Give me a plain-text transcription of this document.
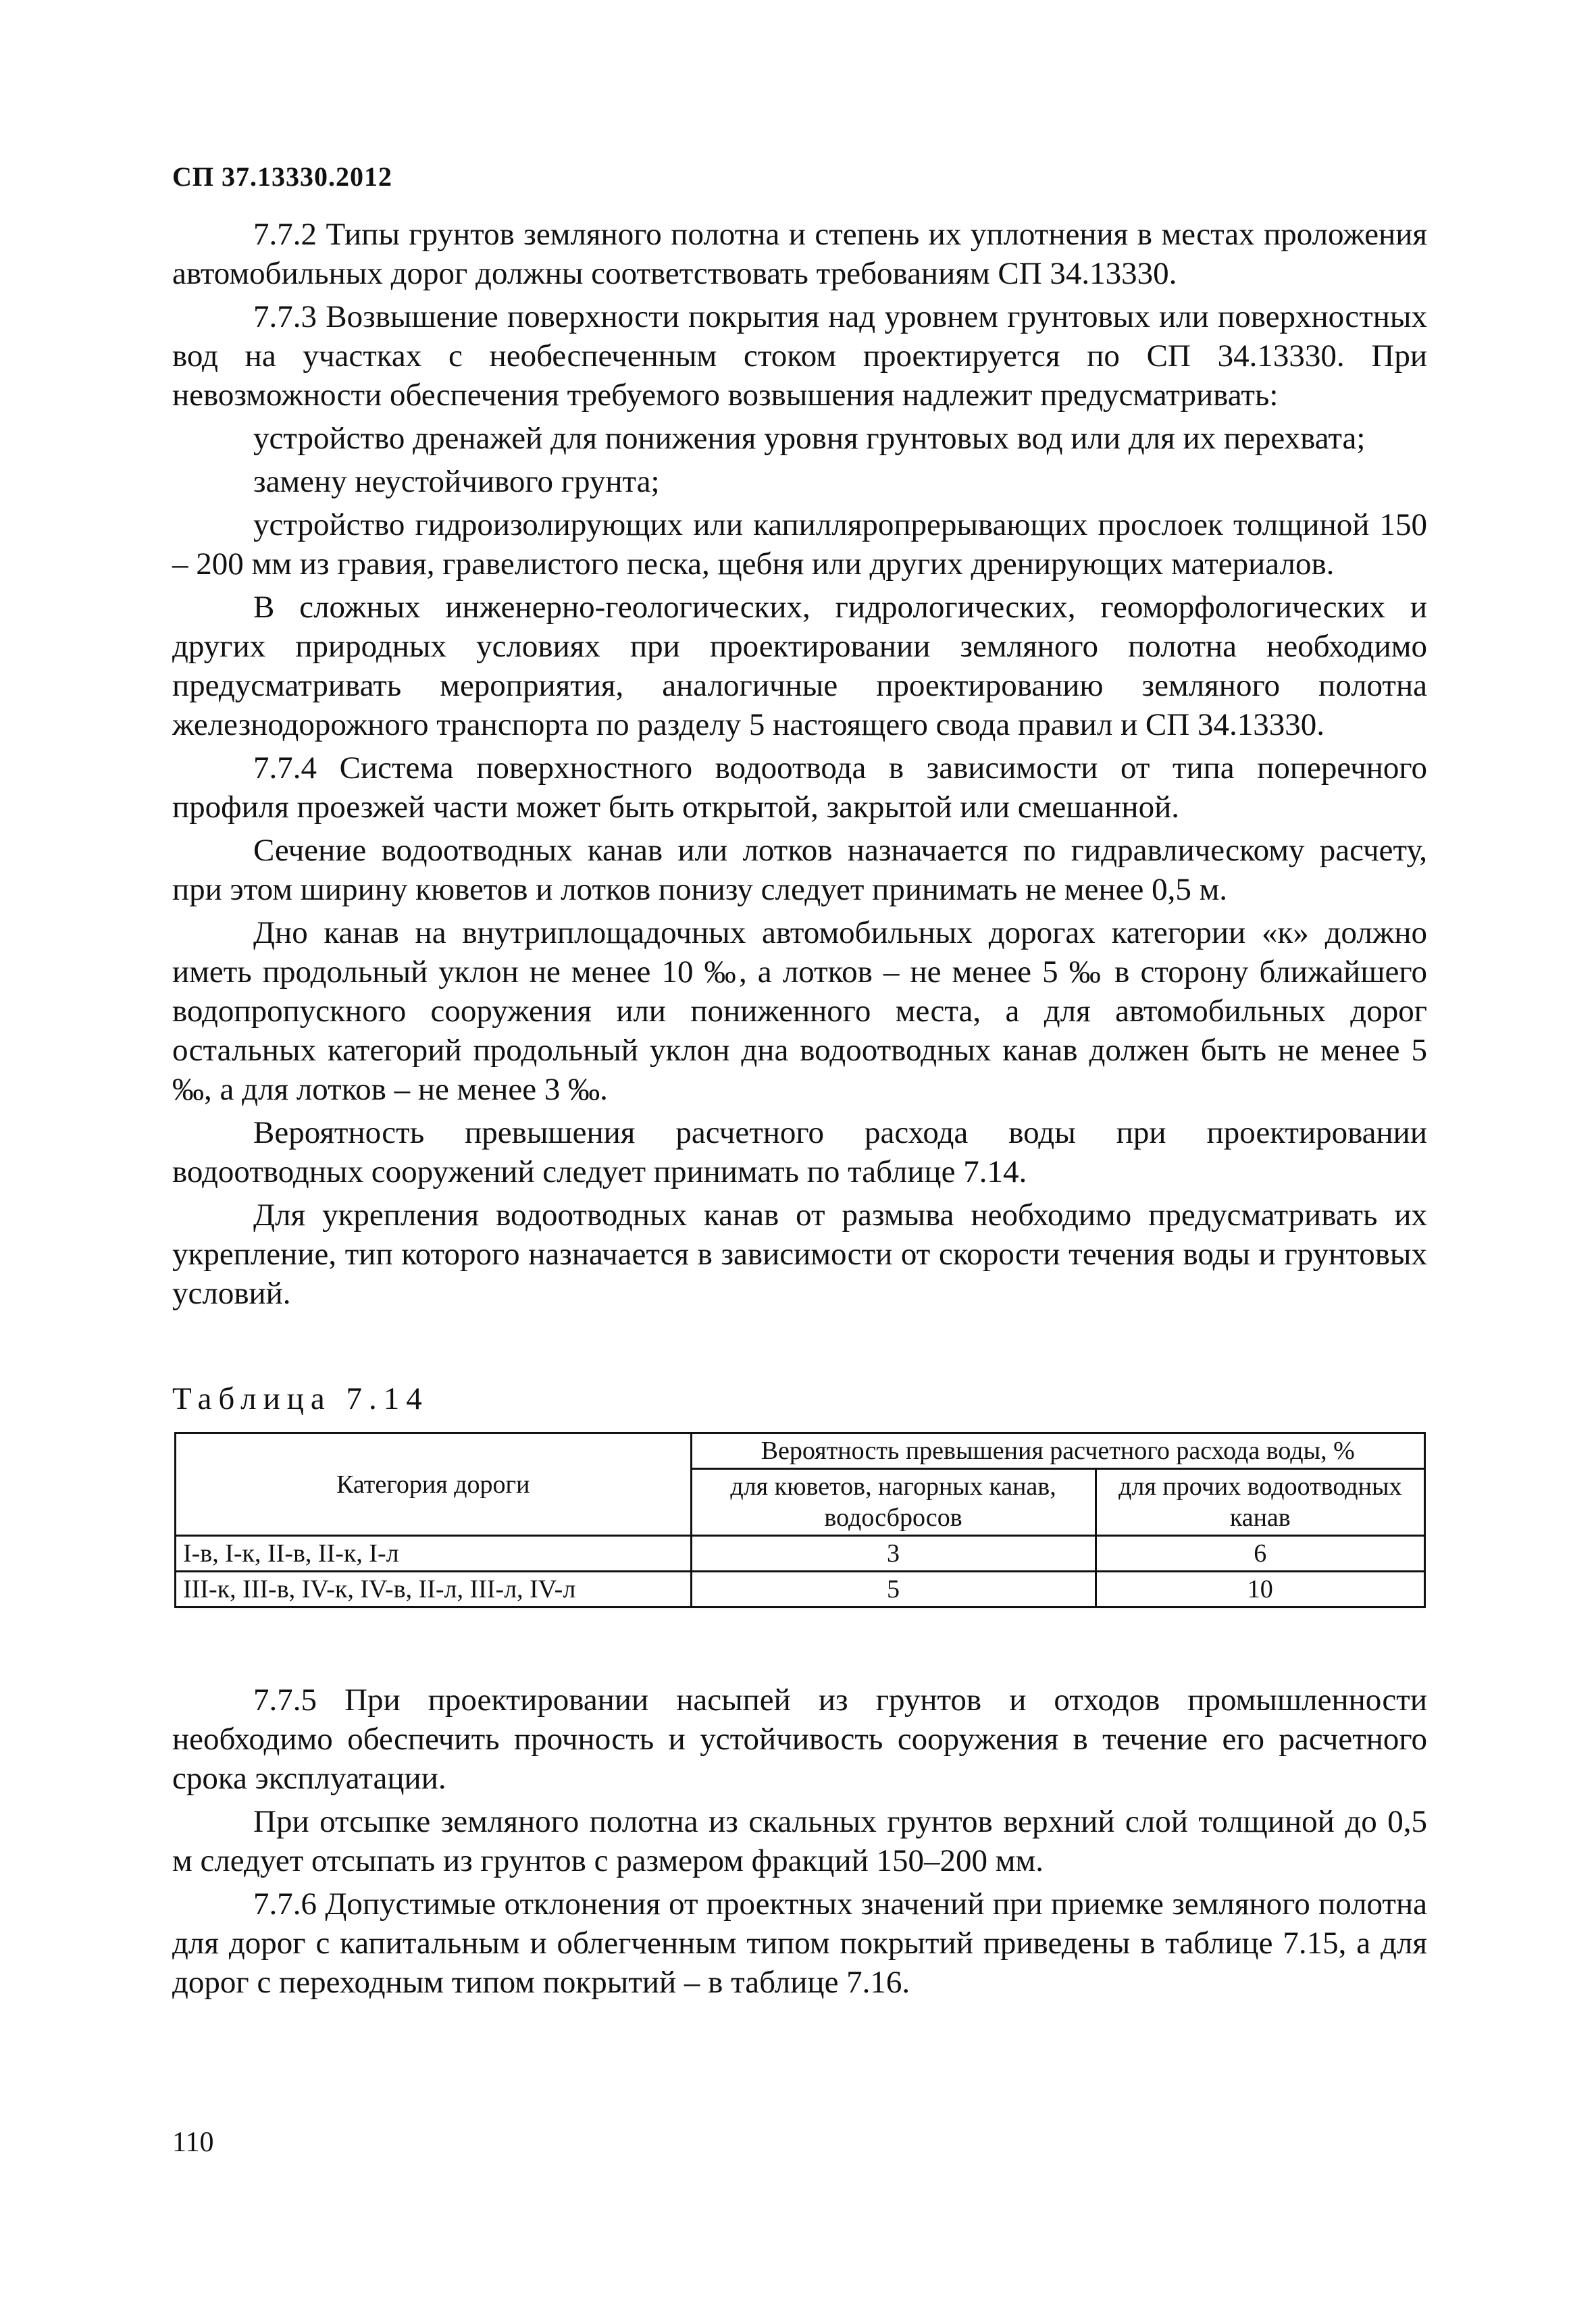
СП 37.13330.2012

7.7.2 Типы грунтов земляного полотна и степень их уплотнения в местах проложения автомобильных дорог должны соответствовать требованиям СП 34.13330.

7.7.3 Возвышение поверхности покрытия над уровнем грунтовых или поверхностных вод на участках с необеспеченным стоком проектируется по СП 34.13330. При невозможности обеспечения требуемого возвышения надлежит предусматривать:

устройство дренажей для понижения уровня грунтовых вод или для их перехвата;

замену неустойчивого грунта;

устройство гидроизолирующих или капилляропрерывающих прослоек толщиной 150 – 200 мм из гравия, гравелистого песка, щебня или других дренирующих материалов.

В сложных инженерно-геологических, гидрологических, геоморфологических и других природных условиях при проектировании земляного полотна необходимо предусматривать мероприятия, аналогичные проектированию земляного полотна железнодорожного транспорта по разделу 5 настоящего свода правил и СП 34.13330.

7.7.4 Система поверхностного водоотвода в зависимости от типа поперечного профиля проезжей части может быть открытой, закрытой или смешанной.

Сечение водоотводных канав или лотков назначается по гидравлическому расчету, при этом ширину кюветов и лотков понизу следует принимать не менее 0,5 м.

Дно канав на внутриплощадочных автомобильных дорогах категории «к» должно иметь продольный уклон не менее 10 ‰, а лотков – не менее 5 ‰ в сторону ближайшего водопропускного сооружения или пониженного места, а для автомобильных дорог остальных категорий продольный уклон дна водоотводных канав должен быть не менее 5 ‰, а для лотков – не менее 3 ‰.

Вероятность превышения расчетного расхода воды при проектировании водоотводных сооружений следует принимать по таблице 7.14.

Для укрепления водоотводных канав от размыва необходимо предусматривать их укрепление, тип которого назначается в зависимости от скорости течения воды и грунтовых условий.

Таблица 7.14
Категория дороги	Вероятность превышения расчетного расхода воды, %	
	для кюветов, нагорных канав, водосбросов	для прочих водоотводных канав
I-в, I-к, II-в, II-к, I-л	3	6
III-к, III-в, IV-к, IV-в, II-л, III-л, IV-л	5	10

7.7.5 При проектировании насыпей из грунтов и отходов промышленности необходимо обеспечить прочность и устойчивость сооружения в течение его расчетного срока эксплуатации.

При отсыпке земляного полотна из скальных грунтов верхний слой толщиной до 0,5 м следует отсыпать из грунтов с размером фракций 150–200 мм.

7.7.6 Допустимые отклонения от проектных значений при приемке земляного полотна для дорог с капитальным и облегченным типом покрытий приведены в таблице 7.15, а для дорог с переходным типом покрытий – в таблице 7.16.

110
